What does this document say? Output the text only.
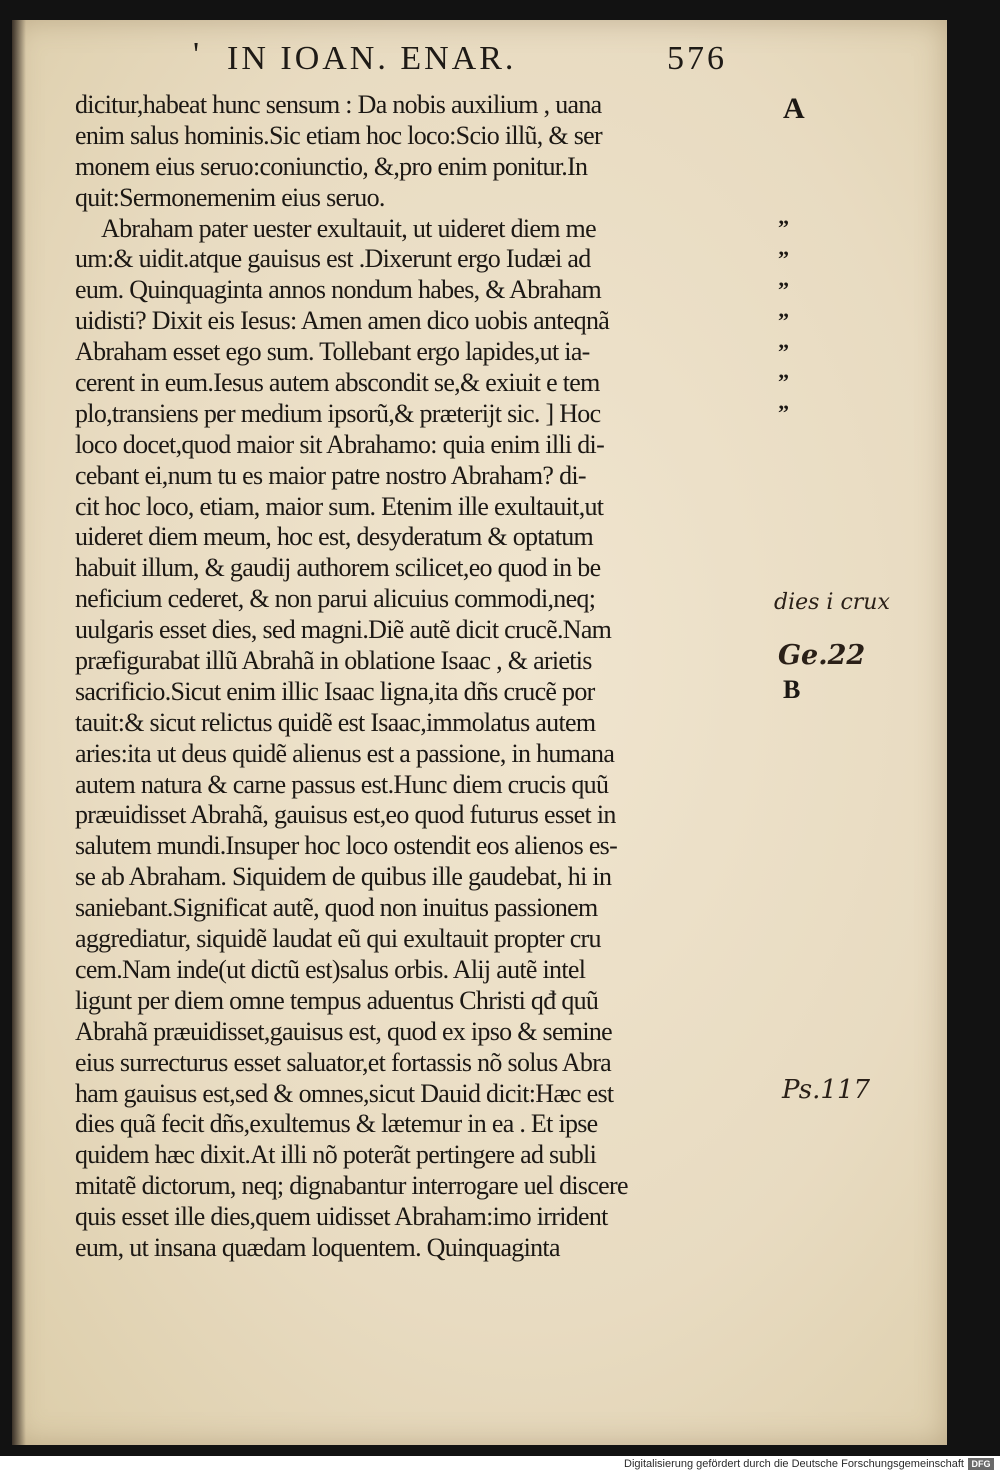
' IN IOAN. ENAR.	576
dicitur,habeat hunc sensum : Da nobis auxilium , uana
enim salus hominis.Sic etiam hoc loco:Scio illũ, & ser
monem eius seruo:coniunctio, &,pro enim ponitur.In
quit:Sermonemenim eius seruo.
Abraham pater uester exultauit, ut uideret diem me
um:& uidit.atque gauisus est .Dixerunt ergo Iudæi ad
eum. Quinquaginta annos nondum habes, & Abraham
uidisti? Dixit eis Iesus: Amen amen dico uobis anteqnã
Abraham esset ego sum. Tollebant ergo lapides,ut ia-
cerent in eum.Iesus autem abscondit se,& exiuit e tem
plo,transiens per medium ipsorũ,& præterijt sic. ] Hoc
loco docet,quod maior sit Abrahamo: quia enim illi di-
cebant ei,num tu es maior patre nostro Abraham? di-
cit hoc loco, etiam, maior sum. Etenim ille exultauit,ut
uideret diem meum, hoc est, desyderatum & optatum
habuit illum, & gaudij authorem scilicet,eo quod in be
neficium cederet, & non parui alicuius commodi,neq;
uulgaris esset dies, sed magni.Diẽ autẽ dicit crucẽ.Nam
præfigurabat illũ Abrahã in oblatione Isaac , & arietis
sacrificio.Sicut enim illic Isaac ligna,ita dñs crucẽ por
tauit:& sicut relictus quidẽ est Isaac,immolatus autem
aries:ita ut deus quidẽ alienus est a passione, in humana
autem natura & carne passus est.Hunc diem crucis quũ
præuidisset Abrahã, gauisus est,eo quod futurus esset in
salutem mundi.Insuper hoc loco ostendit eos alienos es-
se ab Abraham. Siquidem de quibus ille gaudebat, hi in
saniebant.Significat autẽ, quod non inuitus passionem
aggrediatur, siquidẽ laudat eũ qui exultauit propter cru
cem.Nam inde(ut dictũ est)salus orbis. Alij autẽ intel
ligunt per diem omne tempus aduentus Christi qđ quũ
Abrahã præuidisset,gauisus est, quod ex ipso & semine
eius surrecturus esset saluator,et fortassis nõ solus Abra
ham gauisus est,sed & omnes,sicut Dauid dicit:Hæc est
dies quã fecit dñs,exultemus & lætemur in ea . Et ipse
quidem hæc dixit.At illi nõ poterãt pertingere ad subli
mitatẽ dictorum, neq; dignabantur interrogare uel discere
quis esset ille dies,quem uidisset Abraham:imo irrident
eum, ut insana quædam loquentem. Quinquaginta
A
”
”
”
”
”
”
”
dies i crux
Ge.22
B
Ps.117
Digitalisierung gefördert durch die Deutsche Forschungsgemeinschaft DFG
